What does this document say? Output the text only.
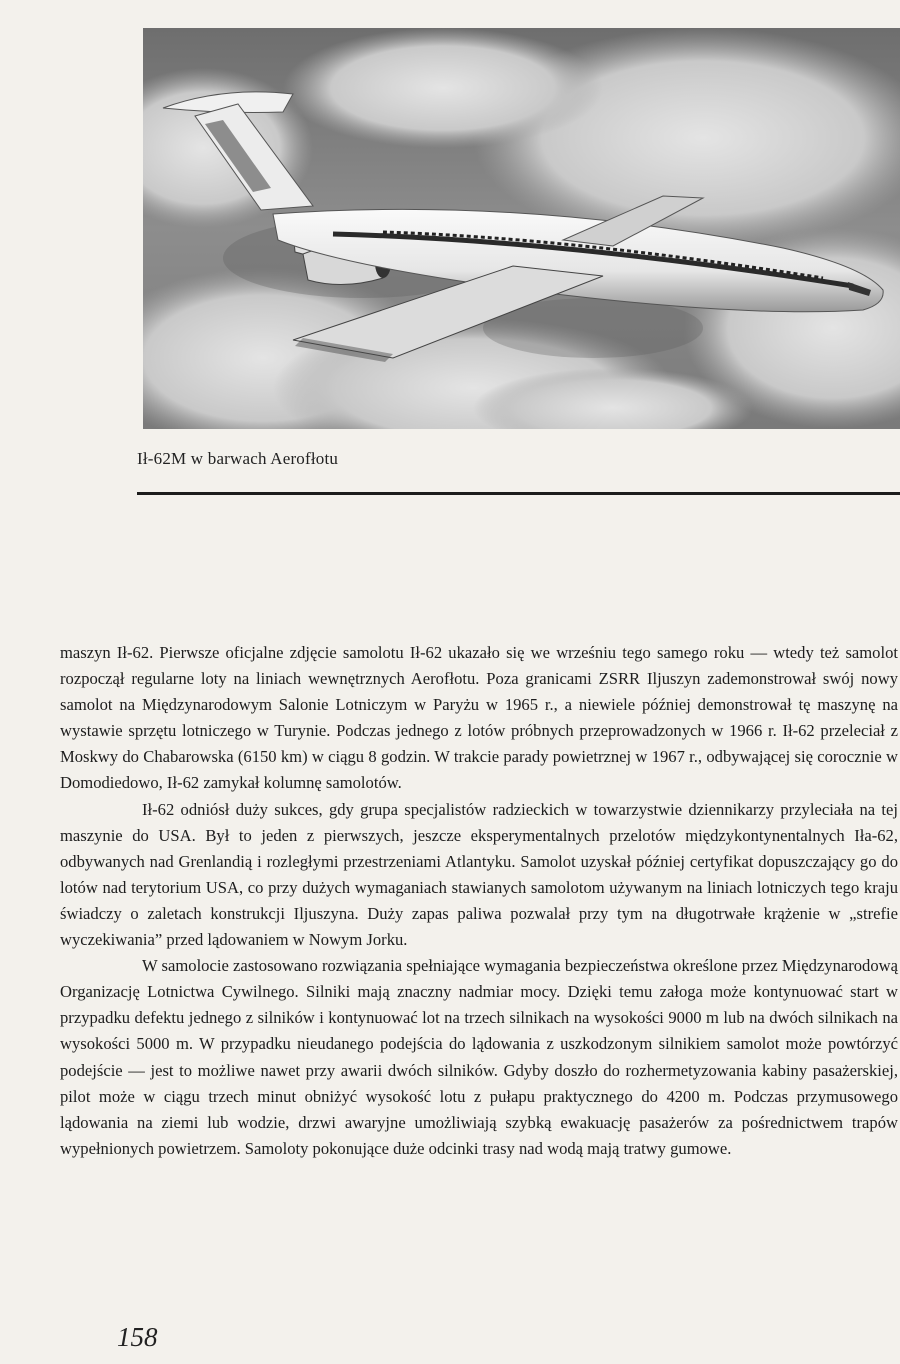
Ił-62M w barwach Aerofłotu

maszyn Ił-62. Pierwsze oficjalne zdjęcie samolotu Ił-62 ukazało się we wrześniu tego samego roku — wtedy też samolot rozpoczął regularne loty na liniach wewnętrznych Aerofłotu. Poza granicami ZSRR Iljuszyn zademonstrował swój nowy samolot na Międzynarodowym Salonie Lotniczym w Paryżu w 1965 r., a niewiele później demonstrował tę maszynę na wystawie sprzętu lotniczego w Turynie. Podczas jednego z lotów próbnych przeprowadzonych w 1966 r. Ił-62 przeleciał z Moskwy do Chabarowska (6150 km) w ciągu 8 godzin. W trakcie parady powietrznej w 1967 r., odbywającej się corocznie w Domodiedowo, Ił-62 zamykał kolumnę samolotów.

Ił-62 odniósł duży sukces, gdy grupa specjalistów radzieckich w towarzystwie dziennikarzy przyleciała na tej maszynie do USA. Był to jeden z pierwszych, jeszcze eksperymentalnych przelotów międzykontynentalnych Iła-62, odbywanych nad Grenlandią i rozległymi przestrzeniami Atlantyku. Samolot uzyskał później certyfikat dopuszczający go do lotów nad terytorium USA, co przy dużych wymaganiach stawianych samolotom używanym na liniach lotniczych tego kraju świadczy o zaletach konstrukcji Iljuszyna. Duży zapas paliwa pozwalał przy tym na długotrwałe krążenie w „strefie wyczekiwania” przed lądowaniem w Nowym Jorku.

W samolocie zastosowano rozwiązania spełniające wymagania bezpieczeństwa określone przez Międzynarodową Organizację Lotnictwa Cywilnego. Silniki mają znaczny nadmiar mocy. Dzięki temu załoga może kontynuować start w przypadku defektu jednego z silników i kontynuować lot na trzech silnikach na wysokości 9000 m lub na dwóch silnikach na wysokości 5000 m. W przypadku nieudanego podejścia do lądowania z uszkodzonym silnikiem samolot może powtórzyć podejście — jest to możliwe nawet przy awarii dwóch silników. Gdyby doszło do rozhermetyzowania kabiny pasażerskiej, pilot może w ciągu trzech minut obniżyć wysokość lotu z pułapu praktycznego do 4200 m. Podczas przymusowego lądowania na ziemi lub wodzie, drzwi awaryjne umożliwiają szybką ewakuację pasażerów za pośrednictwem trapów wypełnionych powietrzem. Samoloty pokonujące duże odcinki trasy nad wodą mają tratwy gumowe.

158
